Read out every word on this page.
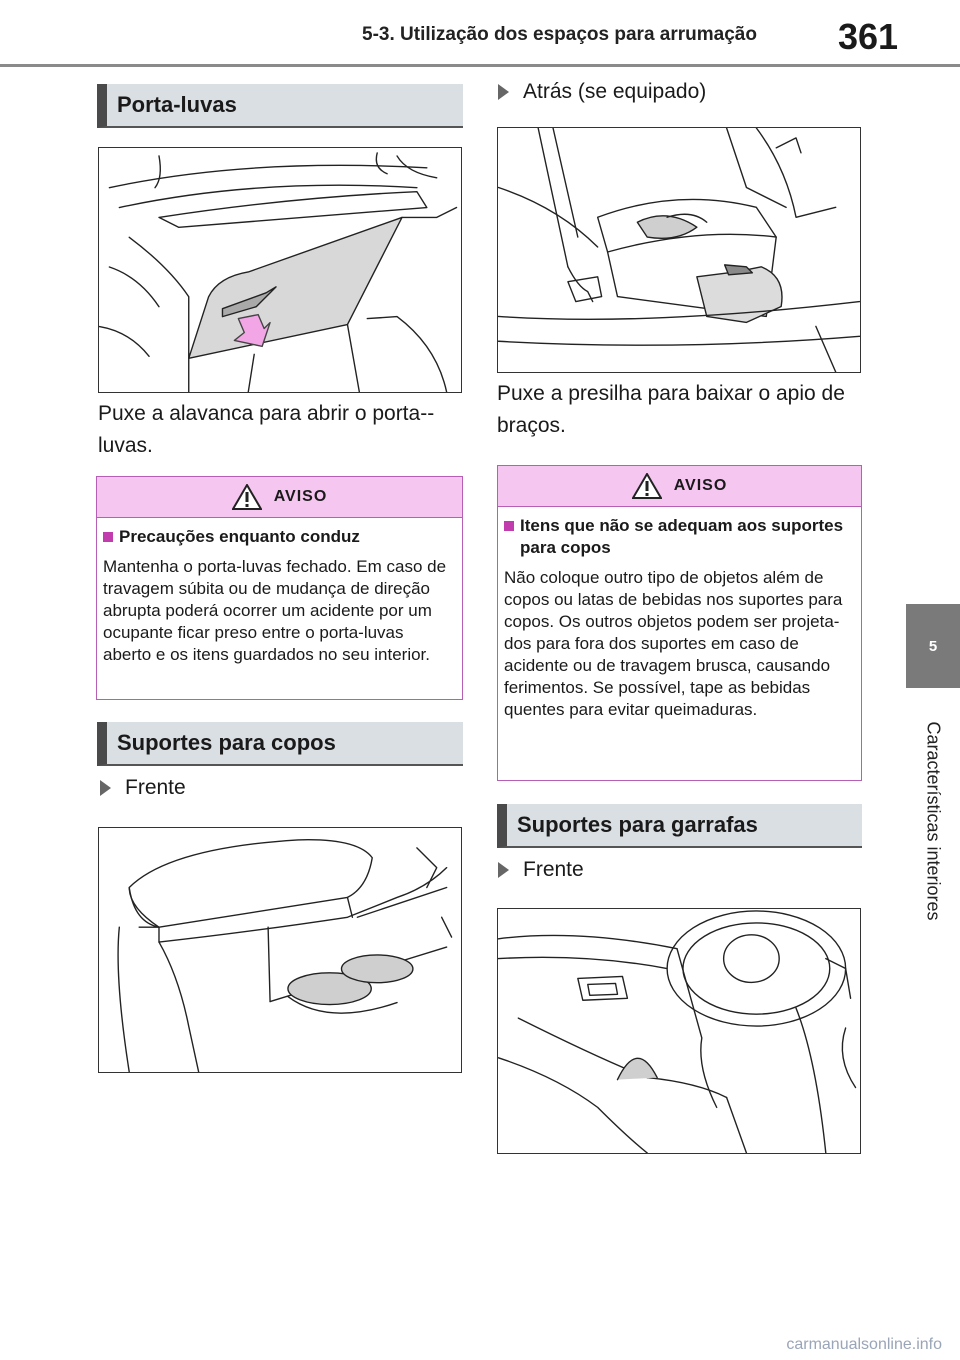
5-3. Utilização dos espaços para arrumação 361
5
Características interiores
Porta-luvas
Puxe a alavanca para abrir o porta--luvas.
AVISO
Precauções enquanto conduz
Mantenha o porta-luvas fechado. Em caso de travagem súbita ou de mudança de direção abrupta poderá ocorrer um acidente por um ocupante ficar preso entre o porta-luvas aberto e os itens guardados no seu interior.
Suportes para copos
Frente
Atrás (se equipado)
Puxe a presilha para baixar o apio de braços.
AVISO
Itens que não se adequam aos suportes para copos
Não coloque outro tipo de objetos além de copos ou latas de bebidas nos suportes para copos. Os outros objetos podem ser projeta-dos para fora dos suportes em caso de acidente ou de travagem brusca, causando ferimentos. Se possível, tape as bebidas quentes para evitar queimaduras.
Suportes para garrafas
Frente
carmanualsonline.info
